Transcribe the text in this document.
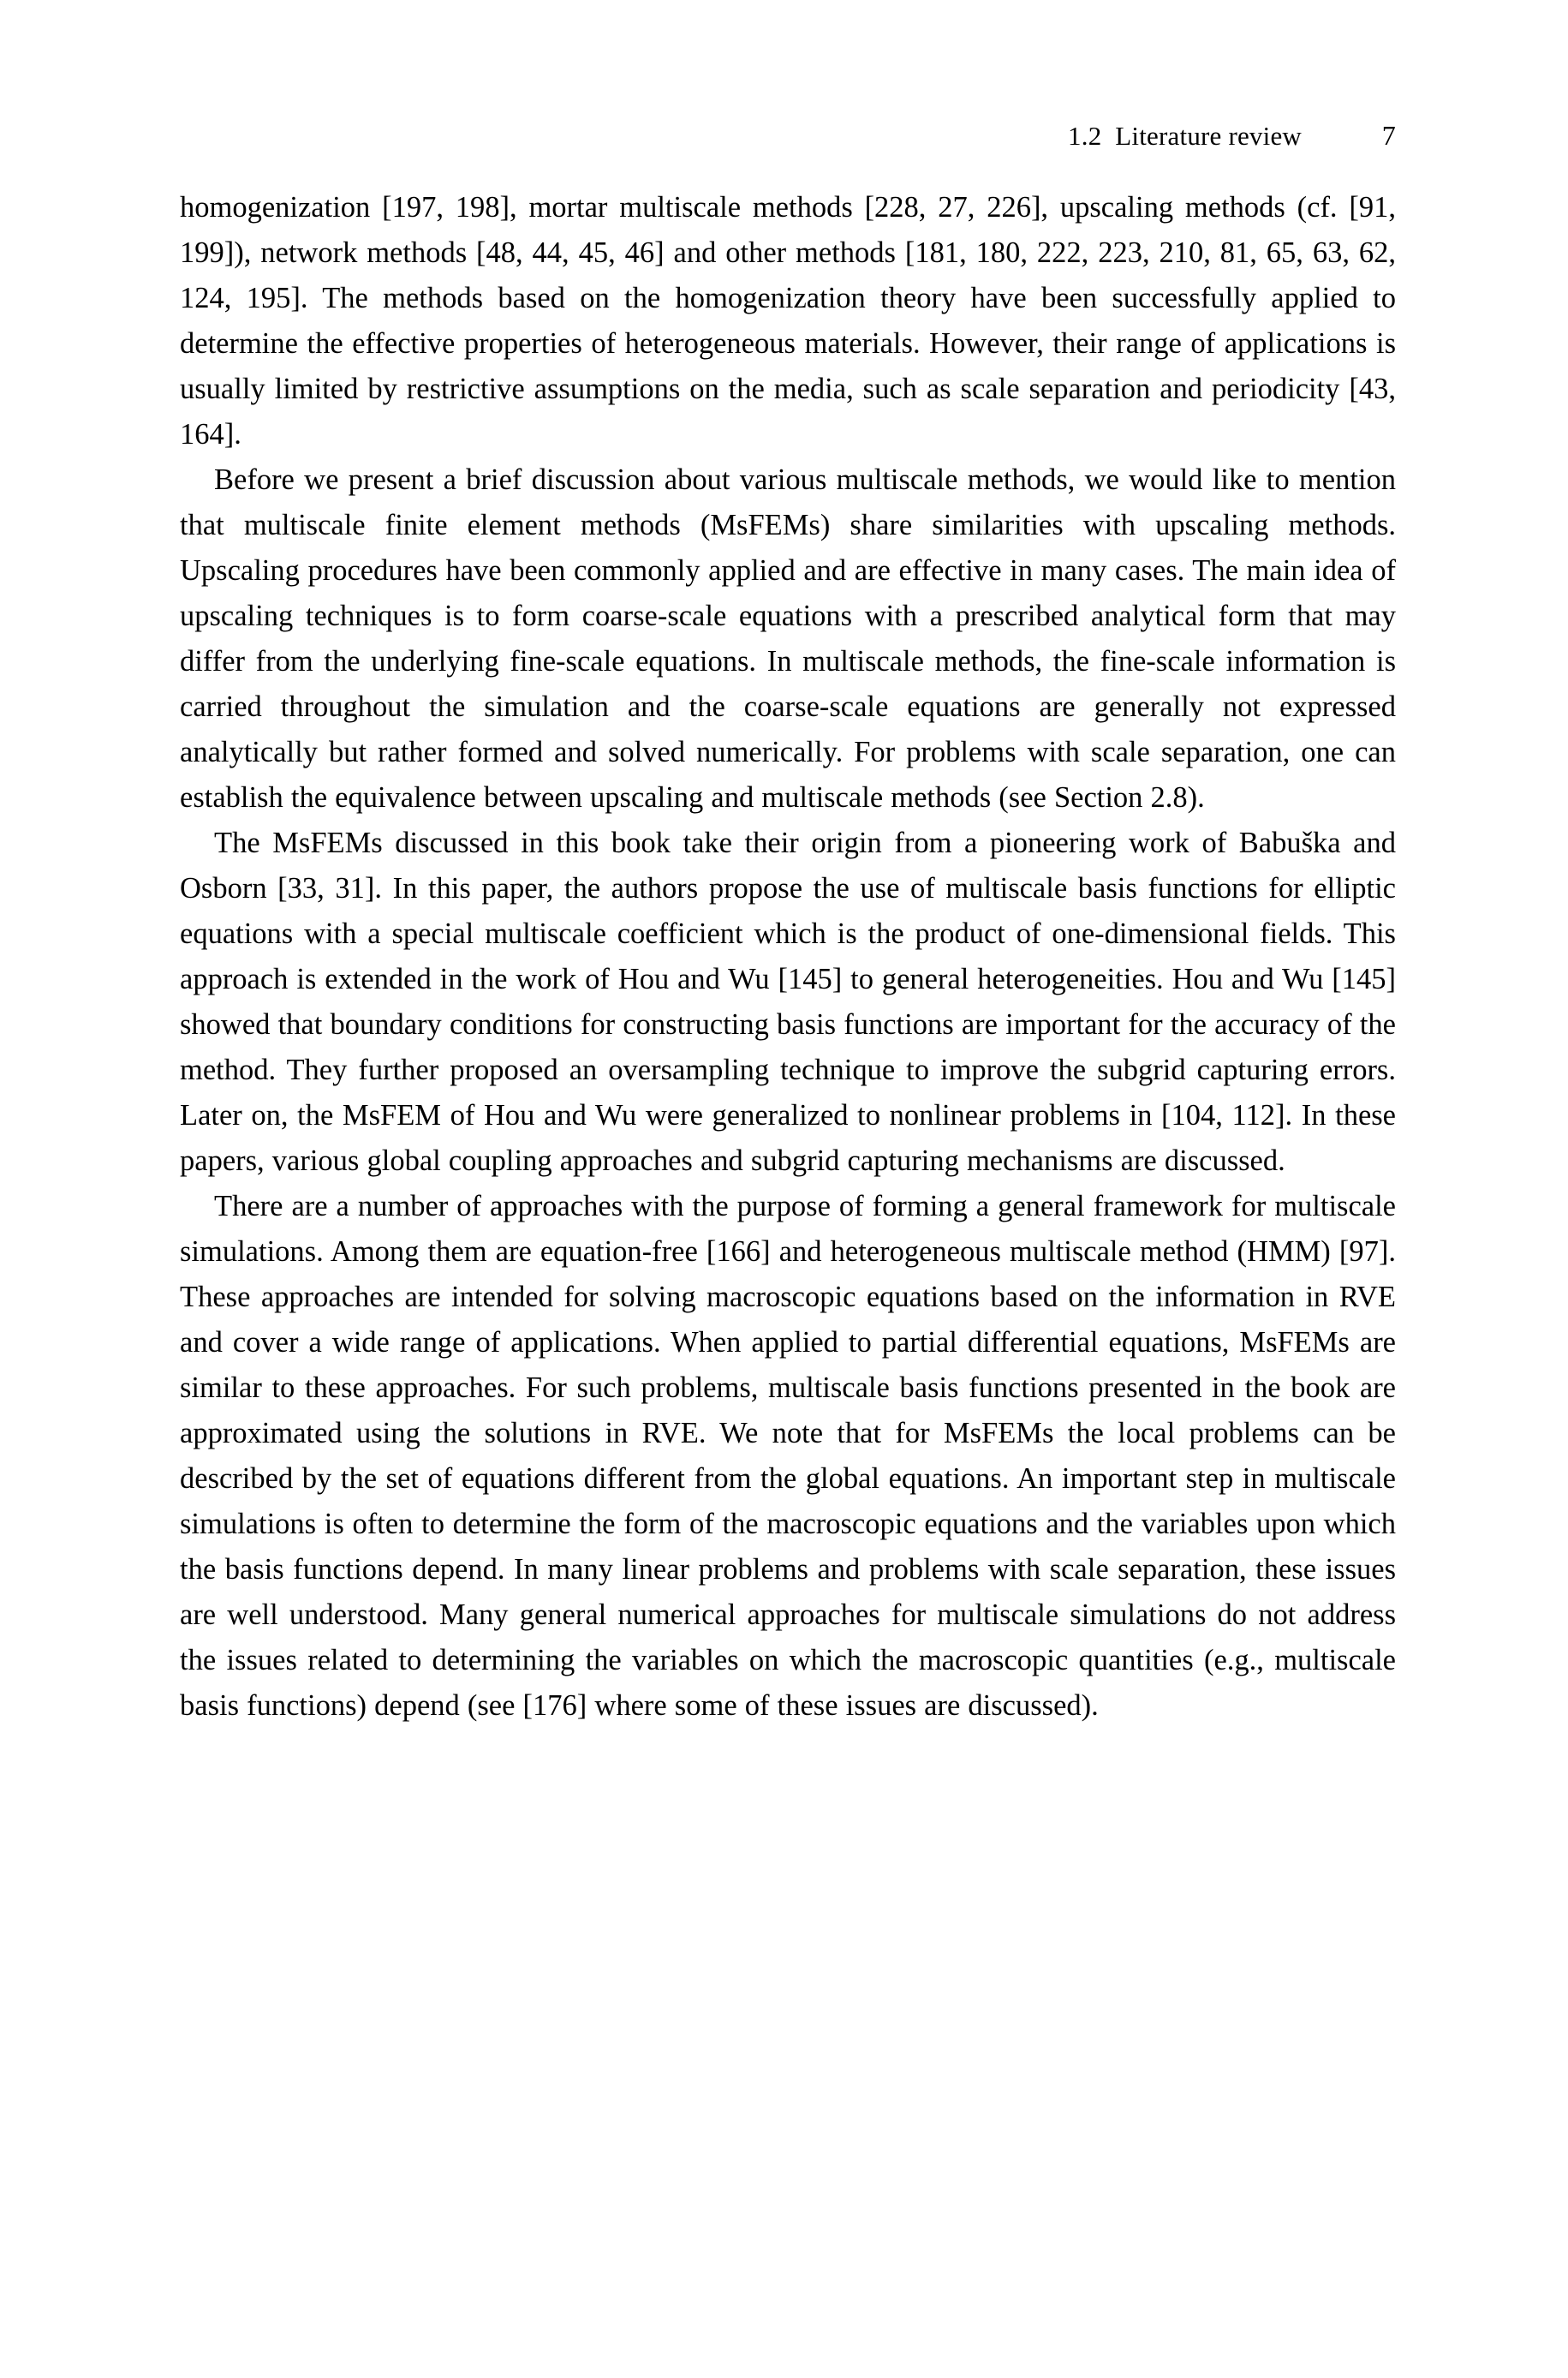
1.2  Literature review	7

homogenization [197, 198], mortar multiscale methods [228, 27, 226], upscaling methods (cf. [91, 199]), network methods [48, 44, 45, 46] and other methods [181, 180, 222, 223, 210, 81, 65, 63, 62, 124, 195]. The methods based on the homogenization theory have been successfully applied to determine the effective properties of heterogeneous materials. However, their range of applications is usually limited by restrictive assumptions on the media, such as scale separation and periodicity [43, 164].

Before we present a brief discussion about various multiscale methods, we would like to mention that multiscale finite element methods (MsFEMs) share similarities with upscaling methods. Upscaling procedures have been commonly applied and are effective in many cases. The main idea of upscaling techniques is to form coarse-scale equations with a prescribed analytical form that may differ from the underlying fine-scale equations. In multiscale methods, the fine-scale information is carried throughout the simulation and the coarse-scale equations are generally not expressed analytically but rather formed and solved numerically. For problems with scale separation, one can establish the equivalence between upscaling and multiscale methods (see Section 2.8).

The MsFEMs discussed in this book take their origin from a pioneering work of Babuška and Osborn [33, 31]. In this paper, the authors propose the use of multiscale basis functions for elliptic equations with a special multiscale coefficient which is the product of one-dimensional fields. This approach is extended in the work of Hou and Wu [145] to general heterogeneities. Hou and Wu [145] showed that boundary conditions for constructing basis functions are important for the accuracy of the method. They further proposed an oversampling technique to improve the subgrid capturing errors. Later on, the MsFEM of Hou and Wu were generalized to nonlinear problems in [104, 112]. In these papers, various global coupling approaches and subgrid capturing mechanisms are discussed.

There are a number of approaches with the purpose of forming a general framework for multiscale simulations. Among them are equation-free [166] and heterogeneous multiscale method (HMM) [97]. These approaches are intended for solving macroscopic equations based on the information in RVE and cover a wide range of applications. When applied to partial differential equations, MsFEMs are similar to these approaches. For such problems, multiscale basis functions presented in the book are approximated using the solutions in RVE. We note that for MsFEMs the local problems can be described by the set of equations different from the global equations. An important step in multiscale simulations is often to determine the form of the macroscopic equations and the variables upon which the basis functions depend. In many linear problems and problems with scale separation, these issues are well understood. Many general numerical approaches for multiscale simulations do not address the issues related to determining the variables on which the macroscopic quantities (e.g., multiscale basis functions) depend (see [176] where some of these issues are discussed).
